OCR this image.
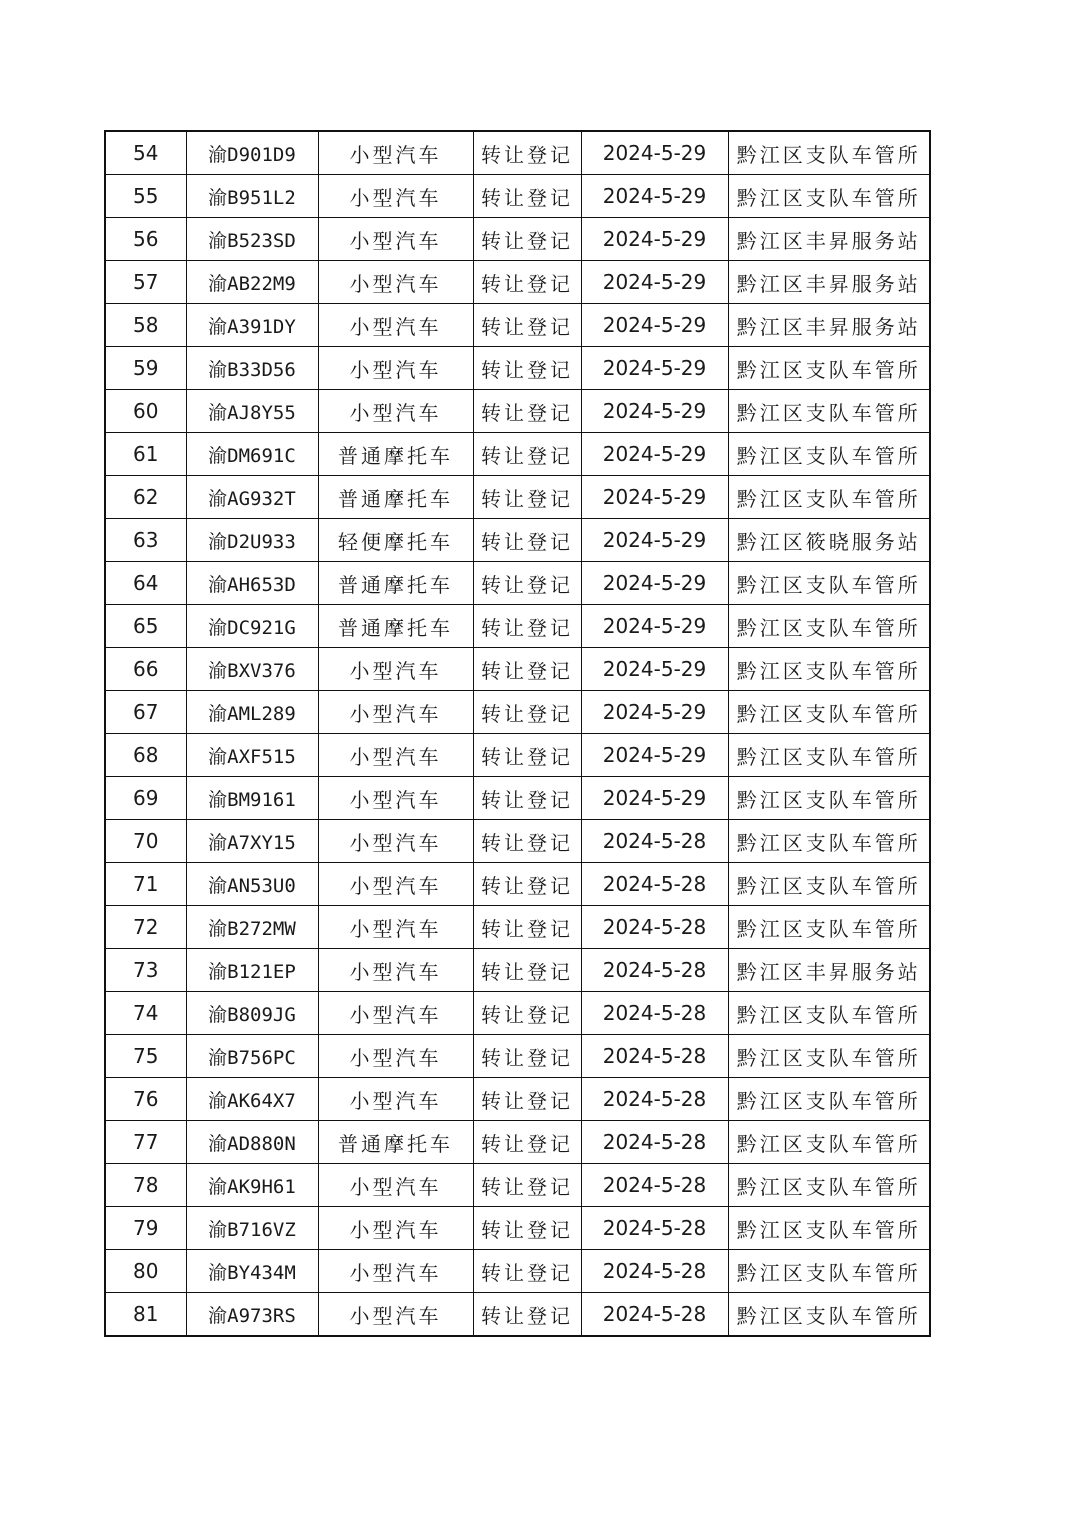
54	渝D901D9	小型汽车	转让登记	2024-5-29	黔江区支队车管所
55	渝B951L2	小型汽车	转让登记	2024-5-29	黔江区支队车管所
56	渝B523SD	小型汽车	转让登记	2024-5-29	黔江区丰昇服务站
57	渝AB22M9	小型汽车	转让登记	2024-5-29	黔江区丰昇服务站
58	渝A391DY	小型汽车	转让登记	2024-5-29	黔江区丰昇服务站
59	渝B33D56	小型汽车	转让登记	2024-5-29	黔江区支队车管所
60	渝AJ8Y55	小型汽车	转让登记	2024-5-29	黔江区支队车管所
61	渝DM691C	普通摩托车	转让登记	2024-5-29	黔江区支队车管所
62	渝AG932T	普通摩托车	转让登记	2024-5-29	黔江区支队车管所
63	渝D2U933	轻便摩托车	转让登记	2024-5-29	黔江区筱晓服务站
64	渝AH653D	普通摩托车	转让登记	2024-5-29	黔江区支队车管所
65	渝DC921G	普通摩托车	转让登记	2024-5-29	黔江区支队车管所
66	渝BXV376	小型汽车	转让登记	2024-5-29	黔江区支队车管所
67	渝AML289	小型汽车	转让登记	2024-5-29	黔江区支队车管所
68	渝AXF515	小型汽车	转让登记	2024-5-29	黔江区支队车管所
69	渝BM9161	小型汽车	转让登记	2024-5-29	黔江区支队车管所
70	渝A7XY15	小型汽车	转让登记	2024-5-28	黔江区支队车管所
71	渝AN53U0	小型汽车	转让登记	2024-5-28	黔江区支队车管所
72	渝B272MW	小型汽车	转让登记	2024-5-28	黔江区支队车管所
73	渝B121EP	小型汽车	转让登记	2024-5-28	黔江区丰昇服务站
74	渝B809JG	小型汽车	转让登记	2024-5-28	黔江区支队车管所
75	渝B756PC	小型汽车	转让登记	2024-5-28	黔江区支队车管所
76	渝AK64X7	小型汽车	转让登记	2024-5-28	黔江区支队车管所
77	渝AD880N	普通摩托车	转让登记	2024-5-28	黔江区支队车管所
78	渝AK9H61	小型汽车	转让登记	2024-5-28	黔江区支队车管所
79	渝B716VZ	小型汽车	转让登记	2024-5-28	黔江区支队车管所
80	渝BY434M	小型汽车	转让登记	2024-5-28	黔江区支队车管所
81	渝A973RS	小型汽车	转让登记	2024-5-28	黔江区支队车管所
